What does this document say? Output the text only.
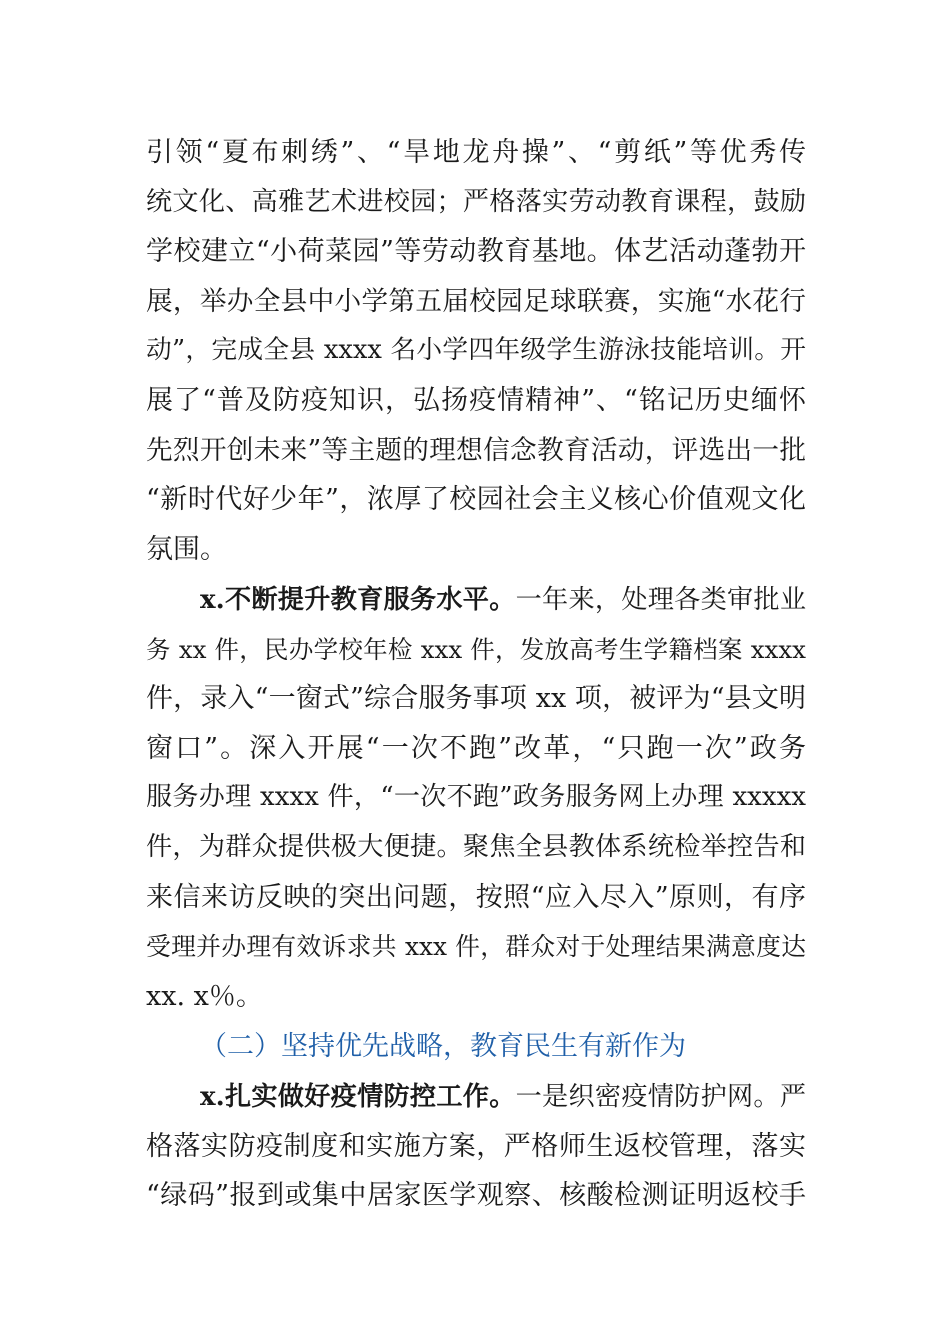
引领“夏布刺绣”、“旱地龙舟操”、“剪纸”等优秀传
统文化、高雅艺术进校园；严格落实劳动教育课程，鼓励
学校建立“小荷菜园”等劳动教育基地。体艺活动蓬勃开
展，举办全县中小学第五届校园足球联赛，实施“水花行
动”，完成全县 xxxx 名小学四年级学生游泳技能培训。开
展了“普及防疫知识，弘扬疫情精神”、“铭记历史缅怀
先烈开创未来”等主题的理想信念教育活动，评选出一批
“新时代好少年”，浓厚了校园社会主义核心价值观文化
氛围。
x.不断提升教育服务水平。一年来，处理各类审批业
务 xx 件，民办学校年检 xxx 件，发放高考生学籍档案 xxxx
件，录入“一窗式”综合服务事项 xx 项，被评为“县文明
窗口”。深入开展“一次不跑”改革，“只跑一次”政务
服务办理 xxxx 件，“一次不跑”政务服务网上办理 xxxxx
件，为群众提供极大便捷。聚焦全县教体系统检举控告和
来信来访反映的突出问题，按照“应入尽入”原则，有序
受理并办理有效诉求共 xxx 件，群众对于处理结果满意度达
xx. x％。
（二）坚持优先战略，教育民生有新作为
x.扎实做好疫情防控工作。一是织密疫情防护网。严
格落实防疫制度和实施方案，严格师生返校管理，落实
“绿码”报到或集中居家医学观察、核酸检测证明返校手
